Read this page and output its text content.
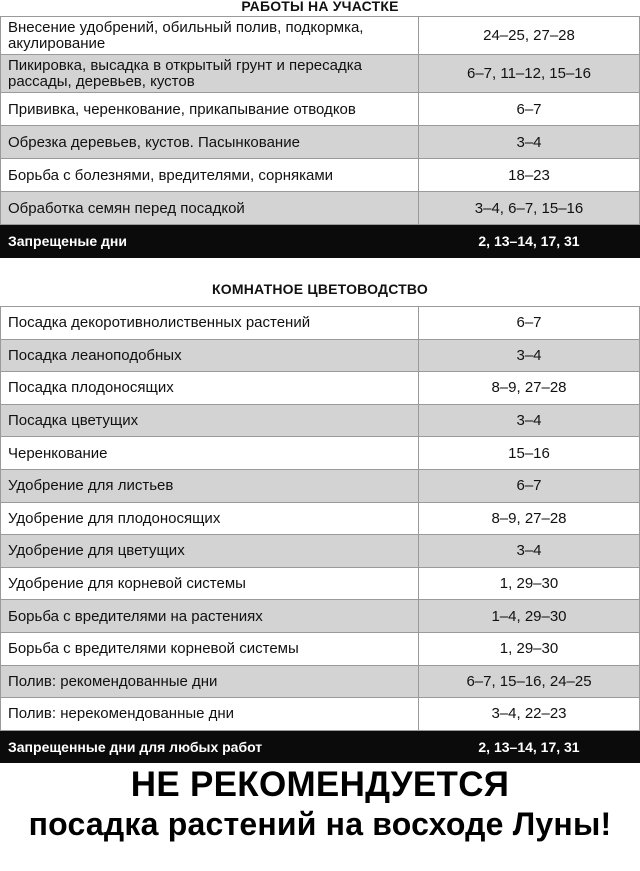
РАБОТЫ НА УЧАСТКЕ
Внесение удобрений, обильный полив, подкормка, акулирование	24–25, 27–28
Пикировка, высадка в открытый грунт и пересадка рассады, деревьев, кустов	6–7, 11–12, 15–16
Прививка, черенкование, прикапывание отводков	6–7
Обрезка деревьев, кустов. Пасынкование	3–4
Борьба с болезнями, вредителями, сорняками	18–23
Обработка семян перед посадкой	3–4, 6–7, 15–16
Запрещеные дни	2, 13–14, 17, 31
КОМНАТНОЕ ЦВЕТОВОДСТВО
Посадка декоротивнолиственных растений	6–7
Посадка леаноподобных	3–4
Посадка плодоносящих	8–9, 27–28
Посадка цветущих	3–4
Черенкование	15–16
Удобрение для листьев	6–7
Удобрение для плодоносящих	8–9, 27–28
Удобрение для цветущих	3–4
Удобрение для корневой системы	1, 29–30
Борьба с вредителями на растениях	1–4, 29–30
Борьба с вредителями корневой системы	1, 29–30
Полив: рекомендованные дни	6–7, 15–16, 24–25
Полив: нерекомендованные дни	3–4, 22–23
Запрещенные дни для любых работ	2, 13–14, 17, 31
НЕ РЕКОМЕНДУЕТСЯ
посадка растений на восходе Луны!
